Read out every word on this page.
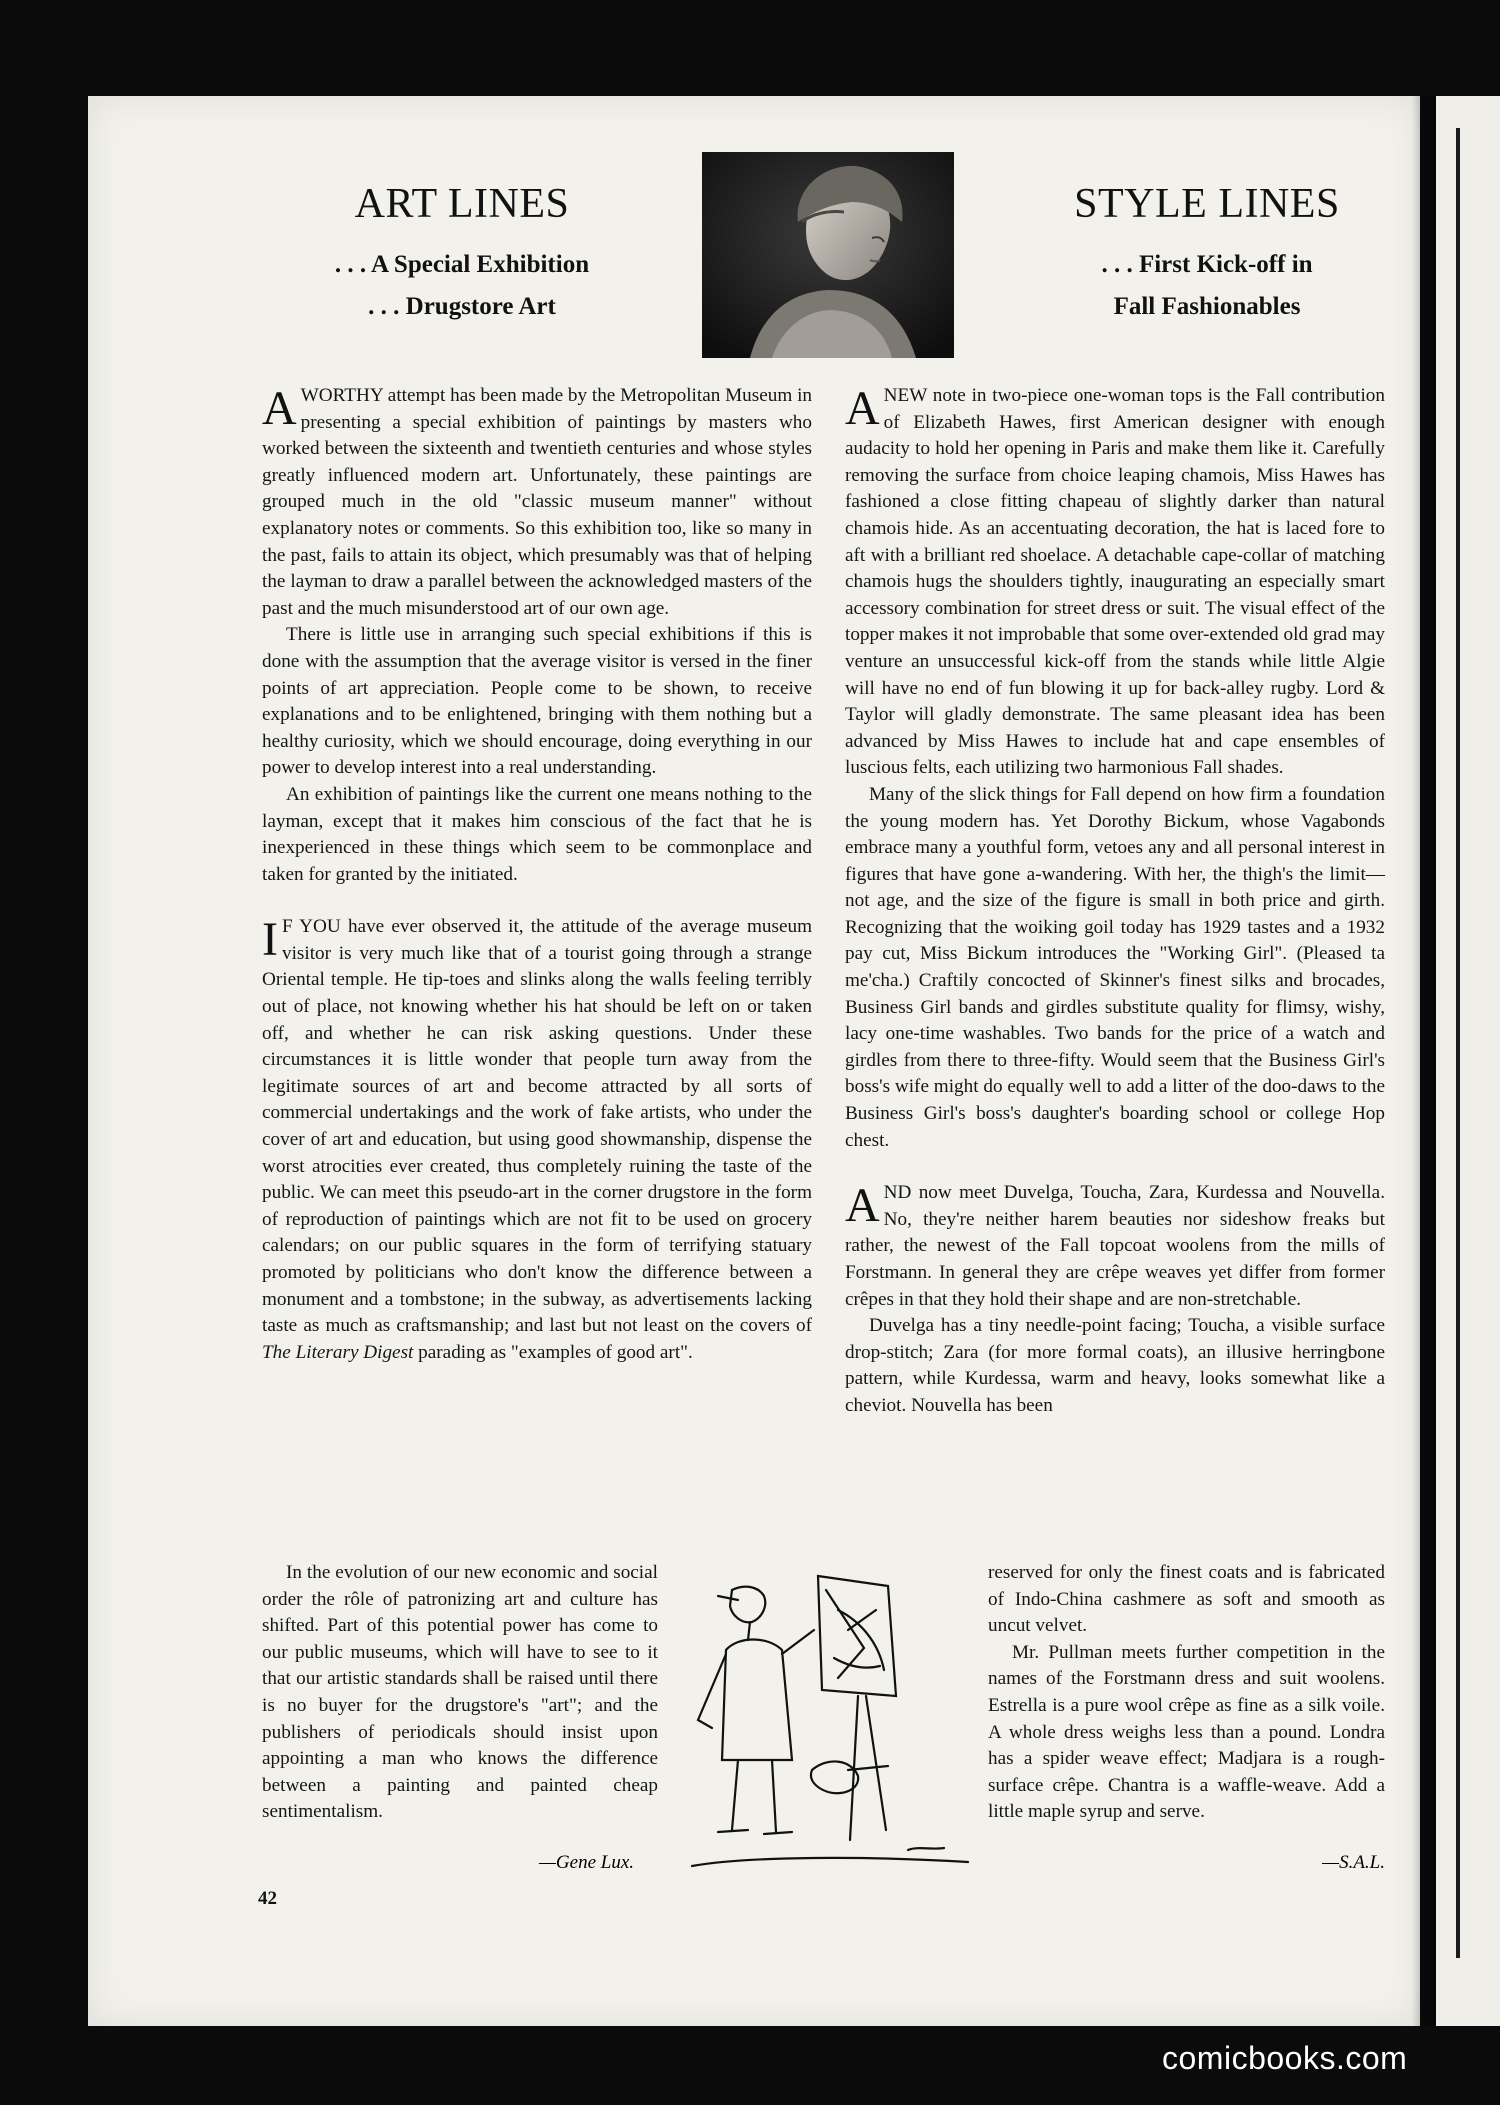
ART LINES
. . . A Special Exhibition
. . . Drugstore Art
STYLE LINES
. . . First Kick-off in
Fall Fashionables

AWORTHY attempt has been made by the Metropolitan Museum in presenting a special exhibition of paintings by masters who worked between the sixteenth and twentieth centuries and whose styles greatly influenced modern art. Unfortunately, these paintings are grouped much in the old "classic museum manner" without explanatory notes or comments. So this exhibition too, like so many in the past, fails to attain its object, which presumably was that of helping the layman to draw a parallel between the acknowledged masters of the past and the much misunderstood art of our own age.

There is little use in arranging such special exhibitions if this is done with the assumption that the average visitor is versed in the finer points of art appreciation. People come to be shown, to receive explanations and to be enlightened, bringing with them nothing but a healthy curiosity, which we should encourage, doing everything in our power to develop interest into a real understanding.

An exhibition of paintings like the current one means nothing to the layman, except that it makes him conscious of the fact that he is inexperienced in these things which seem to be commonplace and taken for granted by the initiated.

I F YOU have ever observed it, the attitude of the average museum visitor is very much like that of a tourist going through a strange Oriental temple. He tip-toes and slinks along the walls feeling terribly out of place, not knowing whether his hat should be left on or taken off, and whether he can risk asking questions. Under these circumstances it is little wonder that people turn away from the legitimate sources of art and become attracted by all sorts of commercial undertakings and the work of fake artists, who under the cover of art and education, but using good showmanship, dispense the worst atrocities ever created, thus completely ruining the taste of the public. We can meet this pseudo-art in the corner drugstore in the form of reproduction of paintings which are not fit to be used on grocery calendars; on our public squares in the form of terrifying statuary promoted by politicians who don't know the difference between a monument and a tombstone; in the subway, as advertisements lacking taste as much as craftsmanship; and last but not least on the covers of The Literary Digest parading as "examples of good art".

In the evolution of our new economic and social order the rôle of patronizing art and culture has shifted. Part of this potential power has come to our public museums, which will have to see to it that our artistic standards shall be raised until there is no buyer for the drugstore's "art"; and the publishers of periodicals should insist upon appointing a man who knows the difference between a painting and painted cheap sentimentalism.

—Gene Lux.

ANEW note in two-piece one-woman tops is the Fall contribution of Elizabeth Hawes, first American designer with enough audacity to hold her opening in Paris and make them like it. Carefully removing the surface from choice leaping chamois, Miss Hawes has fashioned a close fitting chapeau of slightly darker than natural chamois hide. As an accentuating decoration, the hat is laced fore to aft with a brilliant red shoelace. A detachable cape-collar of matching chamois hugs the shoulders tightly, inaugurating an especially smart accessory combination for street dress or suit. The visual effect of the topper makes it not improbable that some over-extended old grad may venture an unsuccessful kick-off from the stands while little Algie will have no end of fun blowing it up for back-alley rugby. Lord & Taylor will gladly demonstrate. The same pleasant idea has been advanced by Miss Hawes to include hat and cape ensembles of luscious felts, each utilizing two harmonious Fall shades.

Many of the slick things for Fall depend on how firm a foundation the young modern has. Yet Dorothy Bickum, whose Vagabonds embrace many a youthful form, vetoes any and all personal interest in figures that have gone a-wandering. With her, the thigh's the limit—not age, and the size of the figure is small in both price and girth. Recognizing that the woiking goil today has 1929 tastes and a 1932 pay cut, Miss Bickum introduces the "Working Girl". (Pleased ta me'cha.) Craftily concocted of Skinner's finest silks and brocades, Business Girl bands and girdles substitute quality for flimsy, wishy, lacy one-time washables. Two bands for the price of a watch and girdles from there to three-fifty. Would seem that the Business Girl's boss's wife might do equally well to add a litter of the doo-daws to the Business Girl's boss's daughter's boarding school or college Hop chest.

AND now meet Duvelga, Toucha, Zara, Kurdessa and Nouvella. No, they're neither harem beauties nor sideshow freaks but rather, the newest of the Fall topcoat woolens from the mills of Forstmann. In general they are crêpe weaves yet differ from former crêpes in that they hold their shape and are non-stretchable.

Duvelga has a tiny needle-point facing; Toucha, a visible surface drop-stitch; Zara (for more formal coats), an illusive herringbone pattern, while Kurdessa, warm and heavy, looks somewhat like a cheviot. Nouvella has been

reserved for only the finest coats and is fabricated of Indo-China cashmere as soft and smooth as uncut velvet.

Mr. Pullman meets further competition in the names of the Forstmann dress and suit woolens. Estrella is a pure wool crêpe as fine as a silk voile. A whole dress weighs less than a pound. Londra has a spider weave effect; Madjara is a rough-surface crêpe. Chantra is a waffle-weave. Add a little maple syrup and serve.

—S.A.L.
42
comicbooks.com
